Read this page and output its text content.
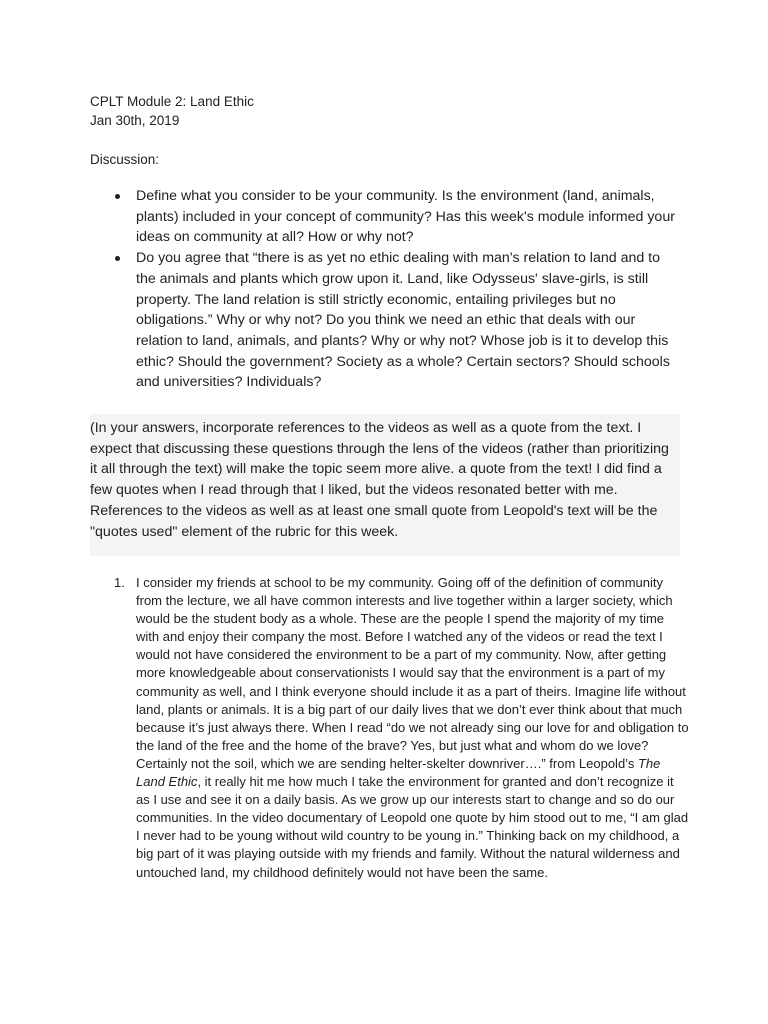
CPLT Module 2: Land Ethic
Jan 30th, 2019
Discussion:
Define what you consider to be your community. Is the environment (land, animals, plants) included in your concept of community? Has this week's module informed your ideas on community at all? How or why not?
Do you agree that “there is as yet no ethic dealing with man's relation to land and to the animals and plants which grow upon it. Land, like Odysseus' slave-girls, is still property. The land relation is still strictly economic, entailing privileges but no obligations.” Why or why not? Do you think we need an ethic that deals with our relation to land, animals, and plants? Why or why not? Whose job is it to develop this ethic? Should the government? Society as a whole? Certain sectors? Should schools and universities? Individuals?
(In your answers, incorporate references to the videos as well as a quote from the text. I expect that discussing these questions through the lens of the videos (rather than prioritizing it all through the text) will make the topic seem more alive. a quote from the text! I did find a few quotes when I read through that I liked, but the videos resonated better with me. References to the videos as well as at least one small quote from Leopold's text will be the "quotes used" element of the rubric for this week.
1. I consider my friends at school to be my community. Going off of the definition of community from the lecture, we all have common interests and live together within a larger society, which would be the student body as a whole. These are the people I spend the majority of my time with and enjoy their company the most. Before I watched any of the videos or read the text I would not have considered the environment to be a part of my community. Now, after getting more knowledgeable about conservationists I would say that the environment is a part of my community as well, and I think everyone should include it as a part of theirs. Imagine life without land, plants or animals. It is a big part of our daily lives that we don’t ever think about that much because it’s just always there. When I read “do we not already sing our love for and obligation to the land of the free and the home of the brave? Yes, but just what and whom do we love? Certainly not the soil, which we are sending helter-skelter downriver….” from Leopold’s The Land Ethic, it really hit me how much I take the environment for granted and don’t recognize it as I use and see it on a daily basis. As we grow up our interests start to change and so do our communities. In the video documentary of Leopold one quote by him stood out to me, “I am glad I never had to be young without wild country to be young in.” Thinking back on my childhood, a big part of it was playing outside with my friends and family. Without the natural wilderness and untouched land, my childhood definitely would not have been the same.
